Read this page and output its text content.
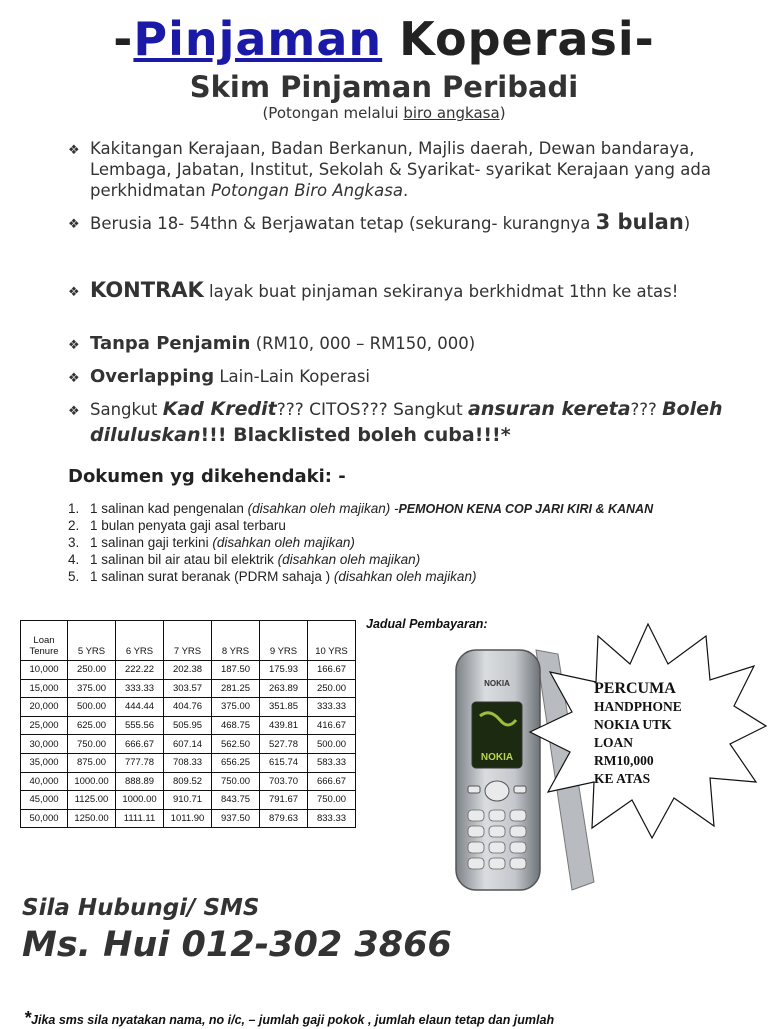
-Pinjaman Koperasi-
Skim Pinjaman Peribadi
(Potongan melalui biro angkasa)
❖ Kakitangan Kerajaan, Badan Berkanun, Majlis daerah, Dewan bandaraya, Lembaga, Jabatan, Institut, Sekolah & Syarikat- syarikat Kerajaan yang ada perkhidmatan Potongan Biro Angkasa.
❖ Berusia 18- 54thn & Berjawatan tetap (sekurang- kurangnya 3 bulan)
❖ KONTRAK layak buat pinjaman sekiranya berkhidmat 1thn ke atas!
❖ Tanpa Penjamin (RM10, 000 – RM150, 000)
❖ Overlapping Lain-Lain Koperasi
❖ Sangkut Kad Kredit??? CITOS??? Sangkut ansuran kereta??? Boleh diluluskan!!! Blacklisted boleh cuba!!!*
Dokumen yg dikehendaki: -
1. 1 salinan kad pengenalan (disahkan oleh majikan) -PEMOHON KENA COP JARI KIRI & KANAN
2. 1 bulan penyata gaji asal terbaru
3. 1 salinan gaji terkini (disahkan oleh majikan)
4. 1 salinan bil air atau bil elektrik (disahkan oleh majikan)
5. 1 salinan surat beranak (PDRM sahaja ) (disahkan oleh majikan)
Jadual Pembayaran:
Loan
Tenure	5 YRS	6 YRS	7 YRS	8 YRS	9 YRS	10 YRS
10,000	250.00	222.22	202.38	187.50	175.93	166.67
15,000	375.00	333.33	303.57	281.25	263.89	250.00
20,000	500.00	444.44	404.76	375.00	351.85	333.33
25,000	625.00	555.56	505.95	468.75	439.81	416.67
30,000	750.00	666.67	607.14	562.50	527.78	500.00
35,000	875.00	777.78	708.33	656.25	615.74	583.33
40,000	1000.00	888.89	809.52	750.00	703.70	666.67
45,000	1125.00	1000.00	910.71	843.75	791.67	750.00
50,000	1250.00	1111.11	1011.90	937.50	879.63	833.33
NOKIA
NOKIA	PERCUMA
HANDPHONE
NOKIA UTK
LOAN
RM10,000
KE ATAS
Sila Hubungi/ SMS
Ms. Hui 012-302 3866
*Jika sms sila nyatakan nama, no i/c, – jumlah gaji pokok , jumlah elaun tetap dan jumlah
